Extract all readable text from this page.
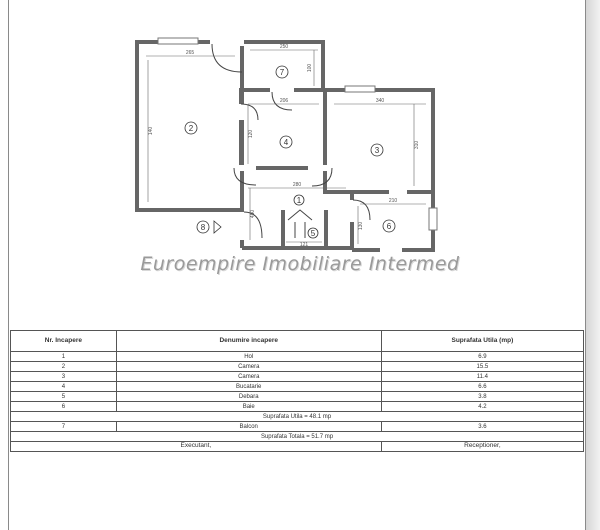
265
140
250
100
206
120
340
310
280
450
210
130
121
1
2
3
4
5
6
7
8
Euroempire Imobiliare Intermed
Nr. Incapere	Denumire incapere	Suprafata Utila (mp)
1	Hol	6.9
2	Camera	15.5
3	Camera	11.4
4	Bucatarie	6.6
5	Debara	3.8
6	Baie	4.2
Suprafata Utila = 48.1 mp		
7	Balcon	3.6
Suprafata Totala = 51.7 mp		
Executant,		Receptioner,
